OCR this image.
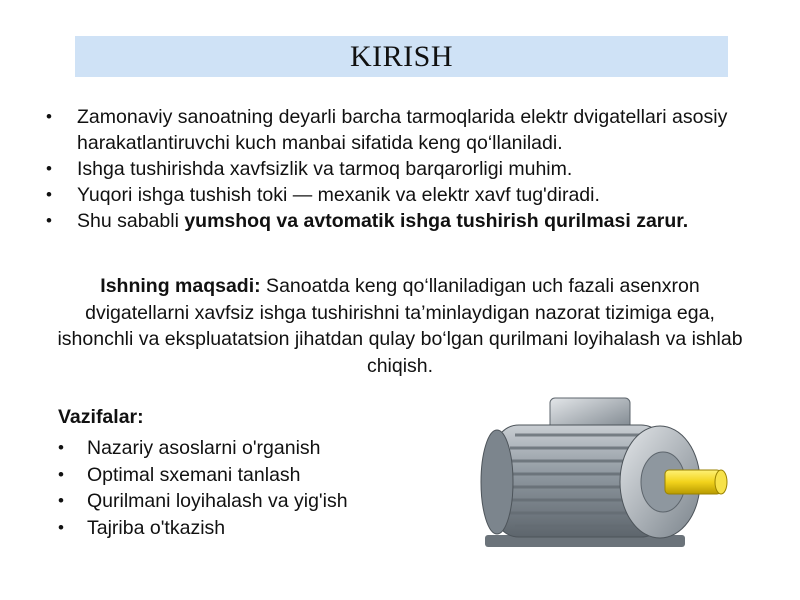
KIRISH
• Zamonaviy sanoatning deyarli barcha tarmoqlarida elektr dvigatellari asosiy harakatlantiruvchi kuch manbai sifatida keng qo‘llaniladi.
• Ishga tushirishda xavfsizlik va tarmoq barqarorligi muhim.
• Yuqori ishga tushish toki — mexanik va elektr xavf tug'diradi.
• Shu sababli yumshoq va avtomatik ishga tushirish qurilmasi zarur.
Ishning maqsadi: Sanoatda keng qo‘llaniladigan uch fazali asenxron dvigatellarni xavfsiz ishga tushirishni ta’minlaydigan nazorat tizimiga ega, ishonchli va ekspluatatsion jihatdan qulay bo‘lgan qurilmani loyihalash va ishlab chiqish.
Vazifalar:
• Nazariy asoslarni o'rganish
• Optimal sxemani tanlash
• Qurilmani loyihalash va yig'ish
• Tajriba o'tkazish
